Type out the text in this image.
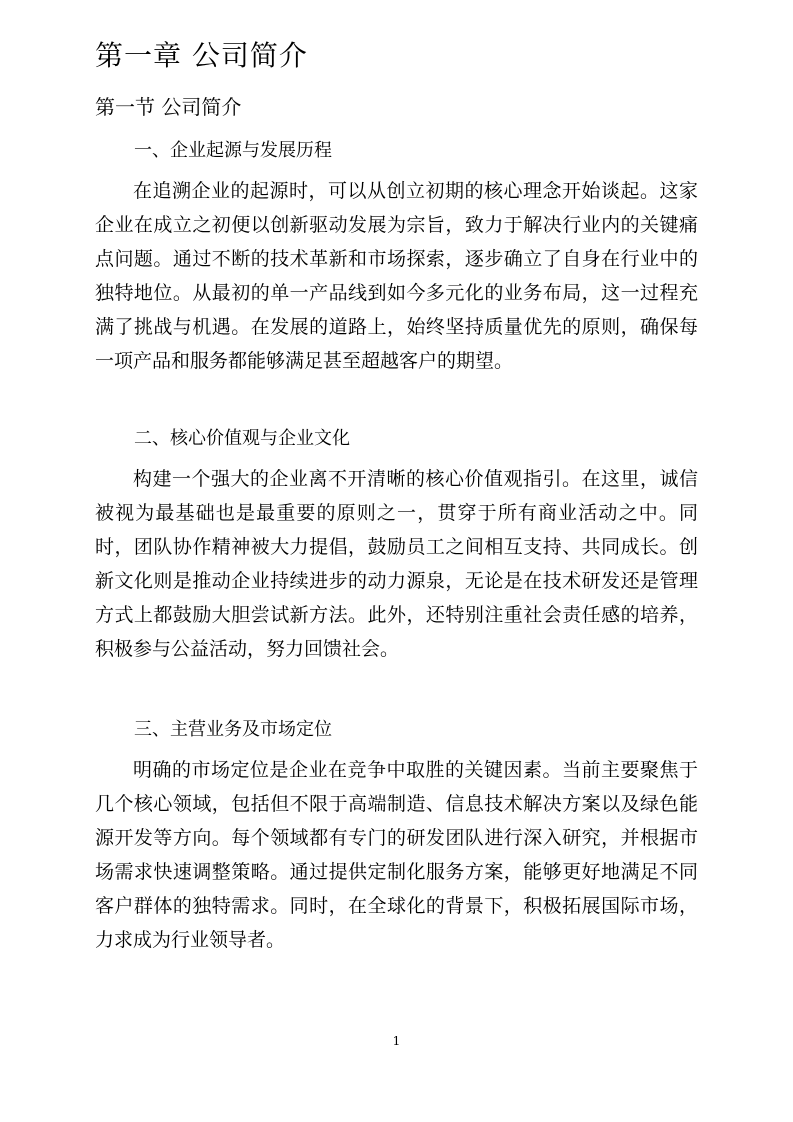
第一章 公司简介
第一节 公司简介
一、企业起源与发展历程

在追溯企业的起源时，可以从创立初期的核心理念开始谈起。这家企业在成立之初便以创新驱动发展为宗旨，致力于解决行业内的关键痛点问题。通过不断的技术革新和市场探索，逐步确立了自身在行业中的独特地位。从最初的单一产品线到如今多元化的业务布局，这一过程充满了挑战与机遇。在发展的道路上，始终坚持质量优先的原则，确保每一项产品和服务都能够满足甚至超越客户的期望。

二、核心价值观与企业文化

构建一个强大的企业离不开清晰的核心价值观指引。在这里，诚信被视为最基础也是最重要的原则之一，贯穿于所有商业活动之中。同时，团队协作精神被大力提倡，鼓励员工之间相互支持、共同成长。创新文化则是推动企业持续进步的动力源泉，无论是在技术研发还是管理方式上都鼓励大胆尝试新方法。此外，还特别注重社会责任感的培养，积极参与公益活动，努力回馈社会。

三、主营业务及市场定位

明确的市场定位是企业在竞争中取胜的关键因素。当前主要聚焦于几个核心领域，包括但不限于高端制造、信息技术解决方案以及绿色能源开发等方向。每个领域都有专门的研发团队进行深入研究，并根据市场需求快速调整策略。通过提供定制化服务方案，能够更好地满足不同客户群体的独特需求。同时，在全球化的背景下，积极拓展国际市场，力求成为行业领导者。

1
